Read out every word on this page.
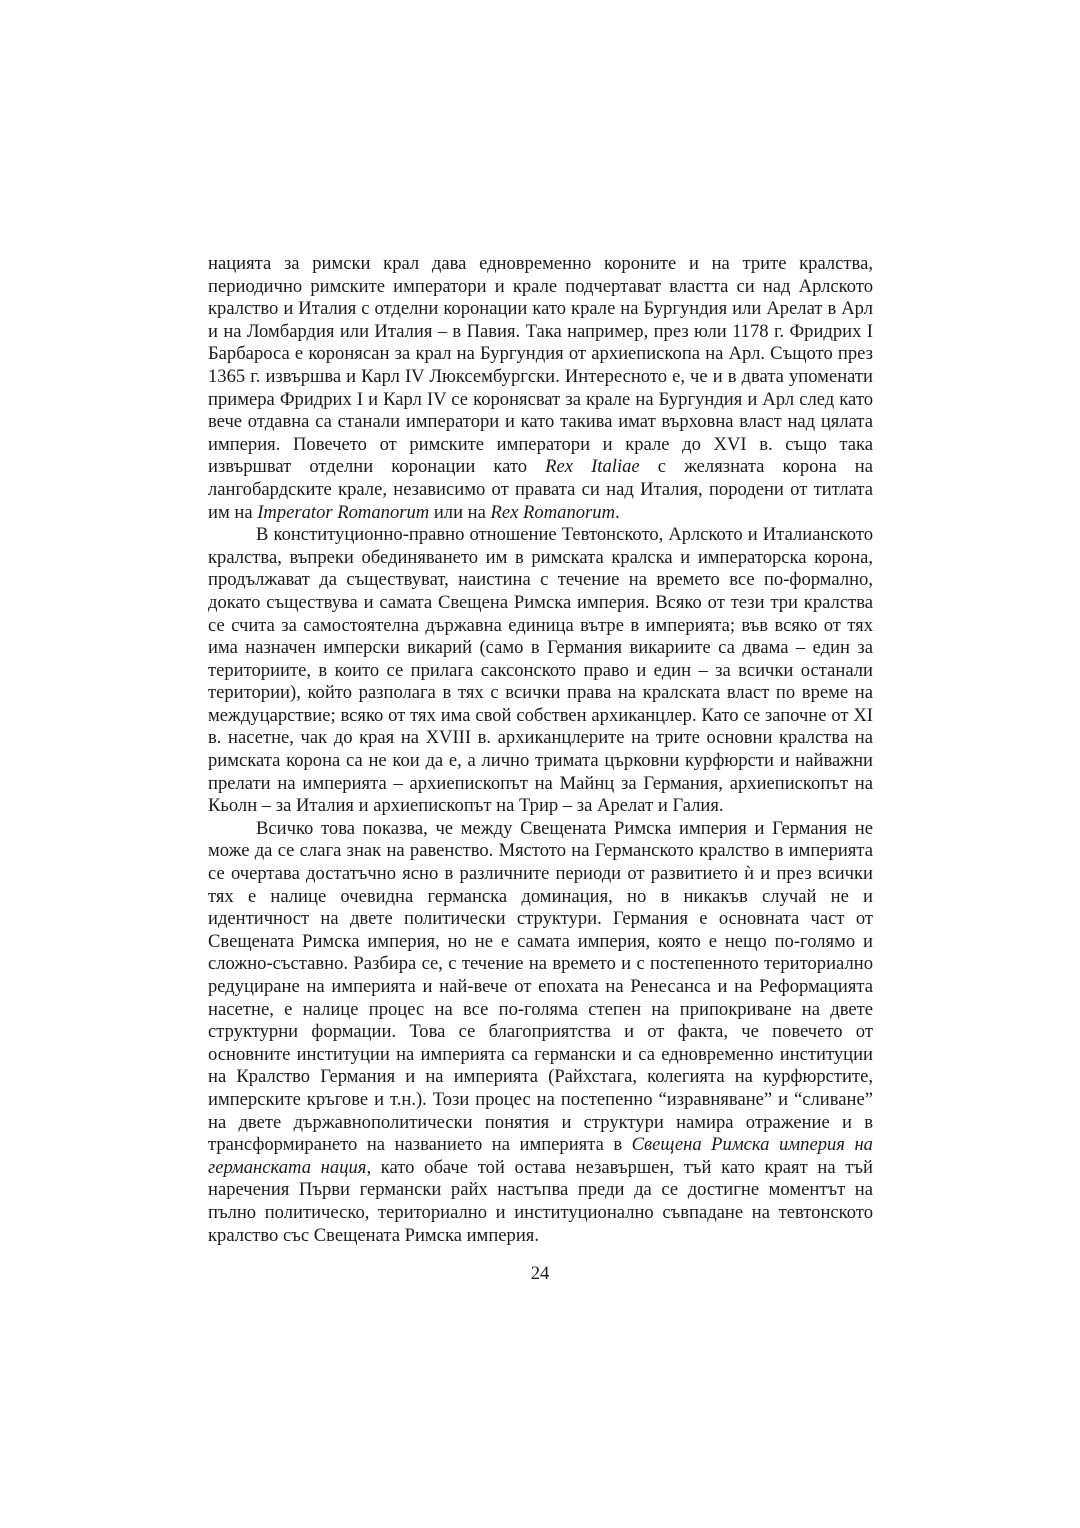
нацията за римски крал дава едновременно короните и на трите кралства, периодично римските императори и крале подчертават властта си над Арлското кралство и Италия с отделни коронации като крале на Бургундия или Арелат в Арл и на Ломбардия или Италия – в Павия. Така например, през юли 1178 г. Фридрих I Барбароса е коронясан за крал на Бургундия от архиепископа на Арл. Същото през 1365 г. извършва и Карл IV Люксембургски. Интересното е, че и в двата упоменати примера Фридрих I и Карл IV се коронясват за крале на Бургундия и Арл след като вече отдавна са станали императори и като такива имат върховна власт над цялата империя. Повечето от римските императори и крале до XVI в. също така извършват отделни коронации като Rex Italiae с желязната корона на лангобардските крале, независимо от правата си над Италия, породени от титлата им на Imperator Romanorum или на Rex Romanorum.

В конституционно-правно отношение Тевтонското, Арлското и Италианското кралства, въпреки обединяването им в римската кралска и императорска корона, продължават да съществуват, наистина с течение на времето все по-формално, докато съществува и самата Свещена Римска империя. Всяко от тези три кралства се счита за самостоятелна държавна единица вътре в империята; във всяко от тях има назначен имперски викарий (само в Германия викариите са двама – един за териториите, в които се прилага саксонското право и един – за всички останали територии), който разполага в тях с всички права на кралската власт по време на междуцарствие; всяко от тях има свой собствен архиканцлер. Като се започне от XI в. насетне, чак до края на XVIII в. архиканцлерите на трите основни кралства на римската корона са не кои да е, а лично тримата църковни курфюрсти и найважни прелати на империята – архиепископът на Майнц за Германия, архиепископът на Кьолн – за Италия и архиепископът на Трир – за Арелат и Галия.

Всичко това показва, че между Свещената Римска империя и Германия не може да се слага знак на равенство. Мястото на Германското кралство в империята се очертава достатъчно ясно в различните периоди от развитието ѝ и през всички тях е налице очевидна германска доминация, но в никакъв случай не и идентичност на двете политически структури. Германия е основната част от Свещената Римска империя, но не е самата империя, която е нещо по-голямо и сложно-съставно. Разбира се, с течение на времето и с постепенното териториално редуциране на империята и най-вече от епохата на Ренесанса и на Реформацията насетне, е налице процес на все по-голяма степен на припокриване на двете структурни формации. Това се благоприятства и от факта, че повечето от основните институции на империята са германски и са едновременно институции на Кралство Германия и на империята (Райхстага, колегията на курфюрстите, имперските кръгове и т.н.). Този процес на постепенно “изравняване” и “сливане” на двете държавнополитически понятия и структури намира отражение и в трансформирането на названието на империята в Свещена Римска империя на германската нация, като обаче той остава незавършен, тъй като краят на тъй наречения Първи германски райх настъпва преди да се достигне моментът на пълно политическо, териториално и институционално съвпадане на тевтонското кралство със Свещената Римска империя.

24
